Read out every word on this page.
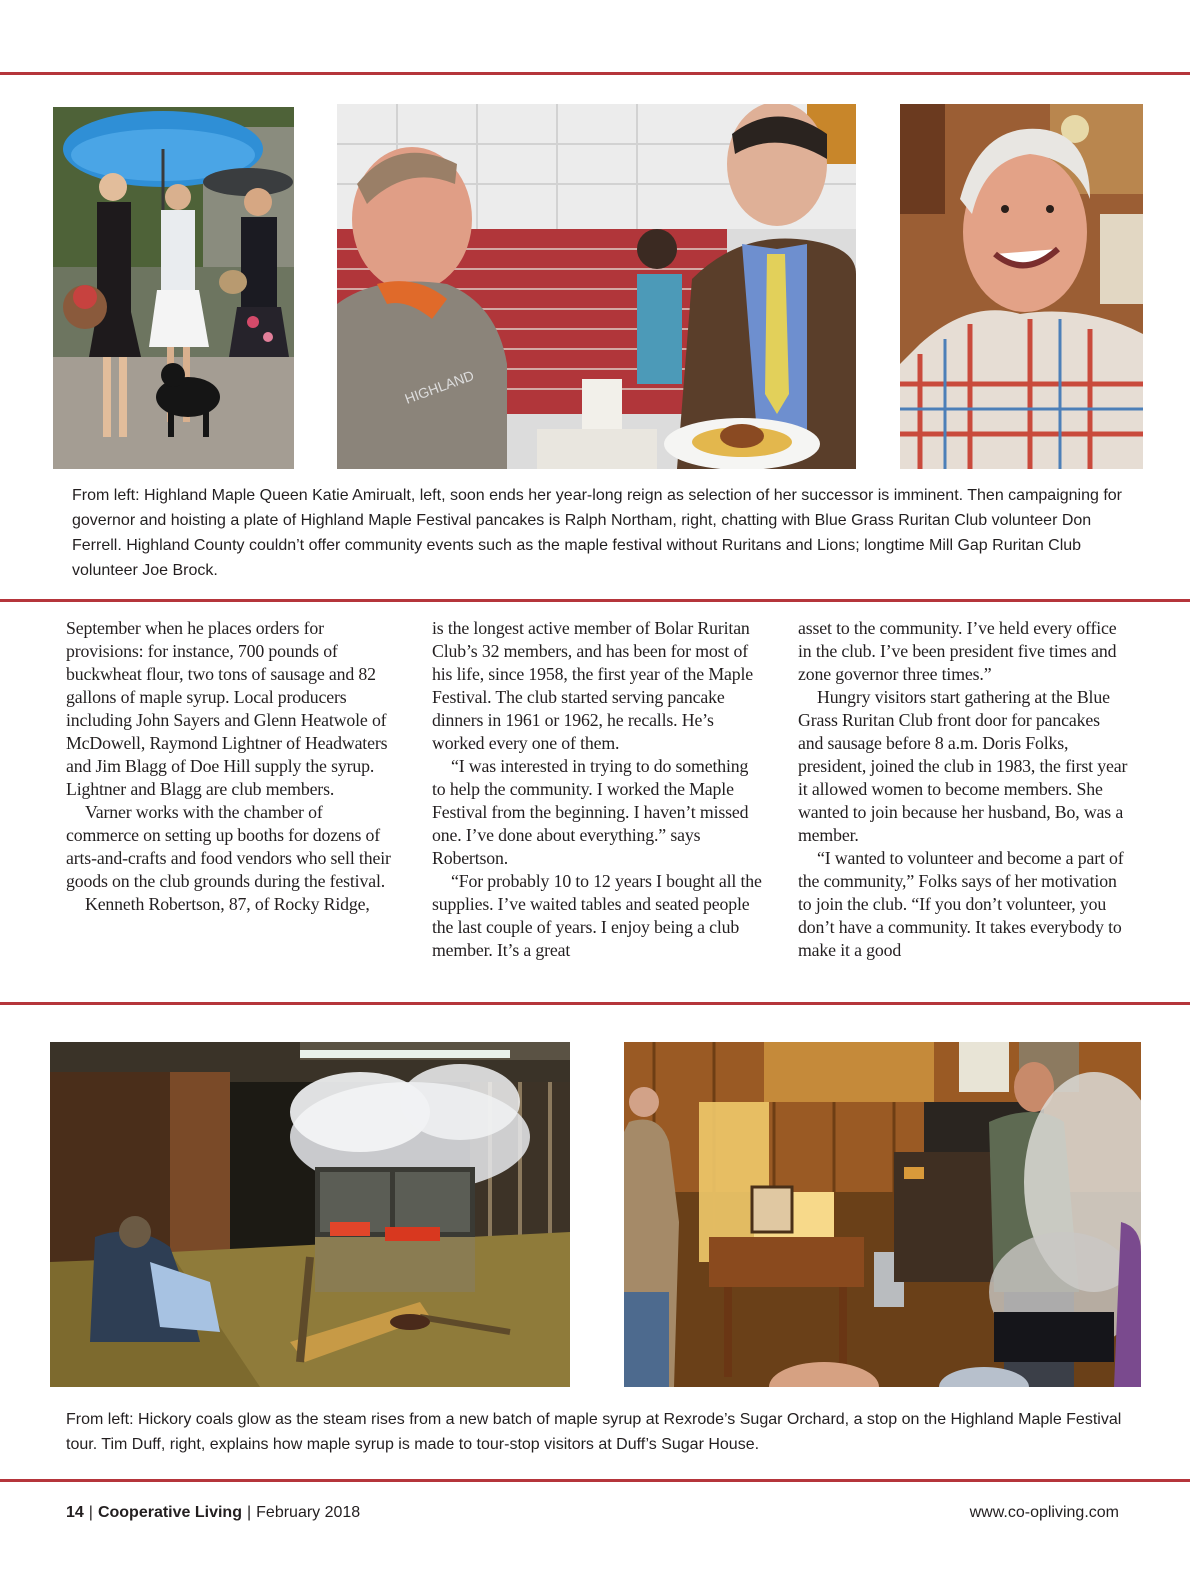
HIGHLAND

From left: Highland Maple Queen Katie Amirualt, left, soon ends her year-long reign as selection of her successor is imminent. Then campaigning for governor and hoisting a plate of Highland Maple Festival pancakes is Ralph Northam, right, chatting with Blue Grass Ruritan Club volunteer Don Ferrell. Highland County couldn’t offer community events such as the maple festival without Ruritans and Lions; longtime Mill Gap Ruritan Club volunteer Joe Brock.

September when he places orders for provisions: for instance, 700 pounds of buckwheat flour, two tons of sausage and 82 gallons of maple syrup. Local producers including John Sayers and Glenn Heatwole of McDowell, Raymond Lightner of Headwaters and Jim Blagg of Doe Hill supply the syrup. Lightner and Blagg are club members.

Varner works with the chamber of commerce on setting up booths for dozens of arts-and-crafts and food vendors who sell their goods on the club grounds during the festival.

Kenneth Robertson, 87, of Rocky Ridge,

is the longest active member of Bolar Ruritan Club’s 32 members, and has been for most of his life, since 1958, the first year of the Maple Festival. The club started serving pancake dinners in 1961 or 1962, he recalls. He’s worked every one of them.

“I was interested in trying to do something to help the community. I worked the Maple Festival from the beginning. I haven’t missed one. I’ve done about everything.” says Robertson.

“For probably 10 to 12 years I bought all the supplies. I’ve waited tables and seated people the last couple of years. I enjoy being a club member. It’s a great

asset to the community. I’ve held every office in the club. I’ve been president five times and zone governor three times.”

Hungry visitors start gathering at the Blue Grass Ruritan Club front door for pancakes and sausage before 8 a.m. Doris Folks, president, joined the club in 1983, the first year it allowed women to become members. She wanted to join because her husband, Bo, was a member.

“I wanted to volunteer and become a part of the community,” Folks says of her motivation to join the club. “If you don’t volunteer, you don’t have a community. It takes everybody to make it a good

From left: Hickory coals glow as the steam rises from a new batch of maple syrup at Rexrode’s Sugar Orchard, a stop on the Highland Maple Festival tour. Tim Duff, right, explains how maple syrup is made to tour-stop visitors at Duff’s Sugar House.

14 | Cooperative Living | February 2018	www.co-opliving.com
